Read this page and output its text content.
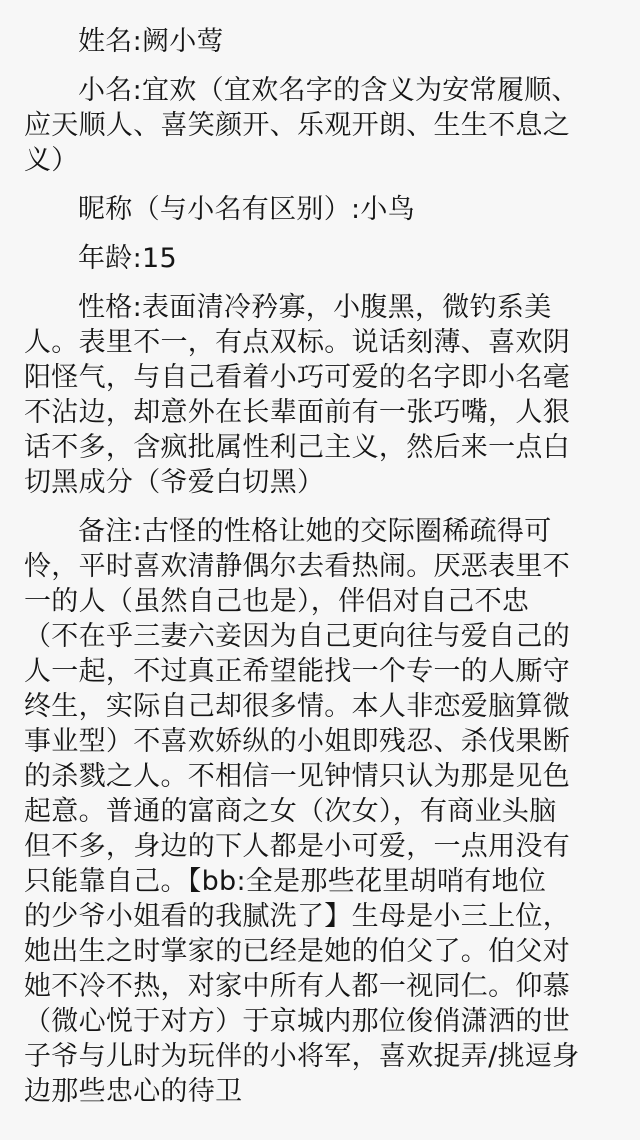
姓名:阙小莺
小名:宜欢（宜欢名字的含义为安常履顺、
应天顺人、喜笑颜开、乐观开朗、生生不息之
义）
昵称（与小名有区别）:小鸟
年龄:15
性格:表面清冷矜寡，小腹黑，微钓系美
人。表里不一，有点双标。说话刻薄、喜欢阴
阳怪气，与自己看着小巧可爱的名字即小名毫
不沾边，却意外在长辈面前有一张巧嘴，人狠
话不多，含疯批属性利己主义，然后来一点白
切黑成分（爷爱白切黑）
备注:古怪的性格让她的交际圈稀疏得可
怜，平时喜欢清静偶尔去看热闹。厌恶表里不
一的人（虽然自己也是），伴侣对自己不忠
（不在乎三妻六妾因为自己更向往与爱自己的
人一起，不过真正希望能找一个专一的人厮守
终生，实际自己却很多情。本人非恋爱脑算微
事业型）不喜欢娇纵的小姐即残忍、杀伐果断
的杀戮之人。不相信一见钟情只认为那是见色
起意。普通的富商之女（次女），有商业头脑
但不多，身边的下人都是小可爱，一点用没有
只能靠自己。【bb:全是那些花里胡哨有地位
的少爷小姐看的我腻洗了】生母是小三上位，
她出生之时掌家的已经是她的伯父了。伯父对
她不冷不热，对家中所有人都一视同仁。仰慕
（微心悦于对方）于京城内那位俊俏潇洒的世
子爷与儿时为玩伴的小将军，喜欢捉弄/挑逗身
边那些忠心的待卫
